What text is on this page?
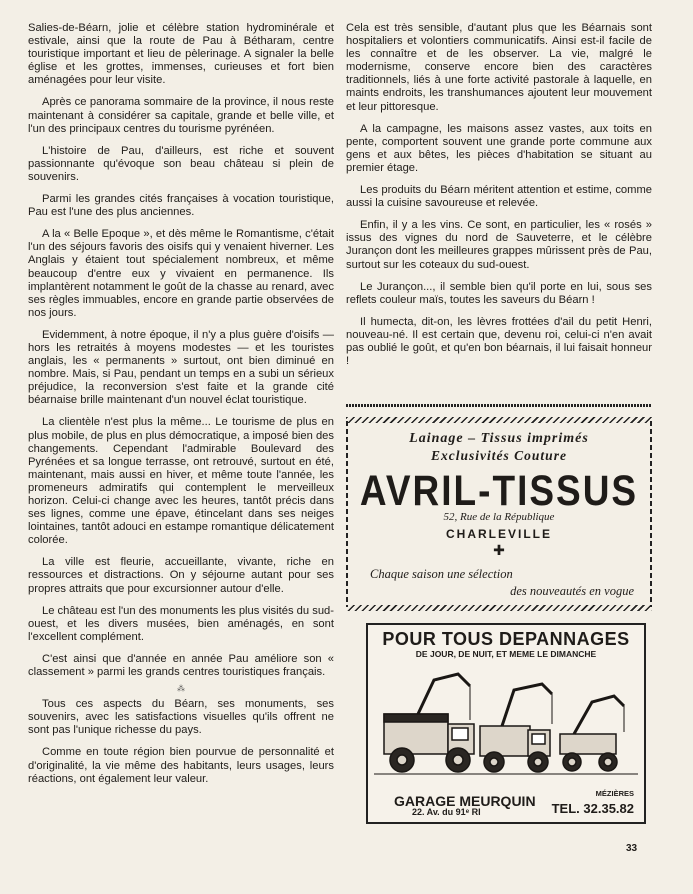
Salies-de-Béarn, jolie et célèbre station hydrominérale et estivale, ainsi que la route de Pau à Bétharam, centre touristique important et lieu de pèlerinage. A signaler la belle église et les grottes, immenses, curieuses et fort bien aménagées pour leur visite.

Après ce panorama sommaire de la province, il nous reste maintenant à considérer sa capitale, grande et belle ville, et l'un des principaux centres du tourisme pyrénéen.

L'histoire de Pau, d'ailleurs, est riche et souvent passionnante qu'évoque son beau château si plein de souvenirs.

Parmi les grandes cités françaises à vocation touristique, Pau est l'une des plus anciennes.

A la « Belle Epoque », et dès même le Romantisme, c'était l'un des séjours favoris des oisifs qui y venaient hiverner. Les Anglais y étaient tout spécialement nombreux, et même beaucoup d'entre eux y vivaient en permanence. Ils implantèrent notamment le goût de la chasse au renard, avec ses règles immuables, encore en grande partie observées de nos jours.

Evidemment, à notre époque, il n'y a plus guère d'oisifs — hors les retraités à moyens modestes — et les touristes anglais, les « permanents » surtout, ont bien diminué en nombre. Mais, si Pau, pendant un temps en a subi un sérieux préjudice, la reconversion s'est faite et la grande cité béarnaise brille maintenant d'un nouvel éclat touristique.

La clientèle n'est plus la même... Le tourisme de plus en plus mobile, de plus en plus démocratique, a imposé bien des changements. Cependant l'admirable Boulevard des Pyrénées et sa longue terrasse, ont retrouvé, surtout en été, maintenant, mais aussi en hiver, et même toute l'année, les promeneurs admiratifs qui contemplent le merveilleux horizon. Celui-ci change avec les heures, tantôt précis dans ses lignes, comme une épave, étincelant dans ses neiges lointaines, tantôt adouci en estampe romantique délicatement colorée.

La ville est fleurie, accueillante, vivante, riche en ressources et distractions. On y séjourne autant pour ses propres attraits que pour excursionner autour d'elle.

Le château est l'un des monuments les plus visités du sud-ouest, et les divers musées, bien aménagés, en sont l'excellent complément.

C'est ainsi que d'année en année Pau améliore son « classement » parmi les grands centres touristiques français.

⁂

Tous ces aspects du Béarn, ses monuments, ses souvenirs, avec les satisfactions visuelles qu'ils offrent ne sont pas l'unique richesse du pays.

Comme en toute région bien pourvue de personnalité et d'originalité, la vie même des habitants, leurs usages, leurs réactions, ont également leur valeur.

Cela est très sensible, d'autant plus que les Béarnais sont hospitaliers et volontiers communicatifs. Ainsi est-il facile de les connaître et de les observer. La vie, malgré le modernisme, conserve encore bien des caractères traditionnels, liés à une forte activité pastorale à laquelle, en maints endroits, les transhumances ajoutent leur mouvement et leur pittoresque.

A la campagne, les maisons assez vastes, aux toits en pente, comportent souvent une grande porte commune aux gens et aux bêtes, les pièces d'habitation se situant au premier étage.

Les produits du Béarn méritent attention et estime, comme aussi la cuisine savoureuse et relevée.

Enfin, il y a les vins. Ce sont, en particulier, les « rosés » issus des vignes du nord de Sauveterre, et le célèbre Jurançon dont les meilleures grappes mûrissent près de Pau, surtout sur les coteaux du sud-ouest.

Le Jurançon..., il semble bien qu'il porte en lui, sous ses reflets couleur maïs, toutes les saveurs du Béarn !

Il humecta, dit-on, les lèvres frottées d'ail du petit Henri, nouveau-né. Il est certain que, devenu roi, celui-ci n'en avait pas oublié le goût, et qu'en bon béarnais, il lui faisait honneur !

Lainage – Tissus imprimés
Exclusivités Couture
AVRIL-TISSUS
52, Rue de la République
CHARLEVILLE
✚
Chaque saison une sélection
des nouveautés en vogue
POUR TOUS DEPANNAGES
DE JOUR, DE NUIT, ET MEME LE DIMANCHE
GARAGE MEURQUIN	MÉZIÈRES
22. Av. du 91ᵉ RI	TEL. 32.35.82
33
